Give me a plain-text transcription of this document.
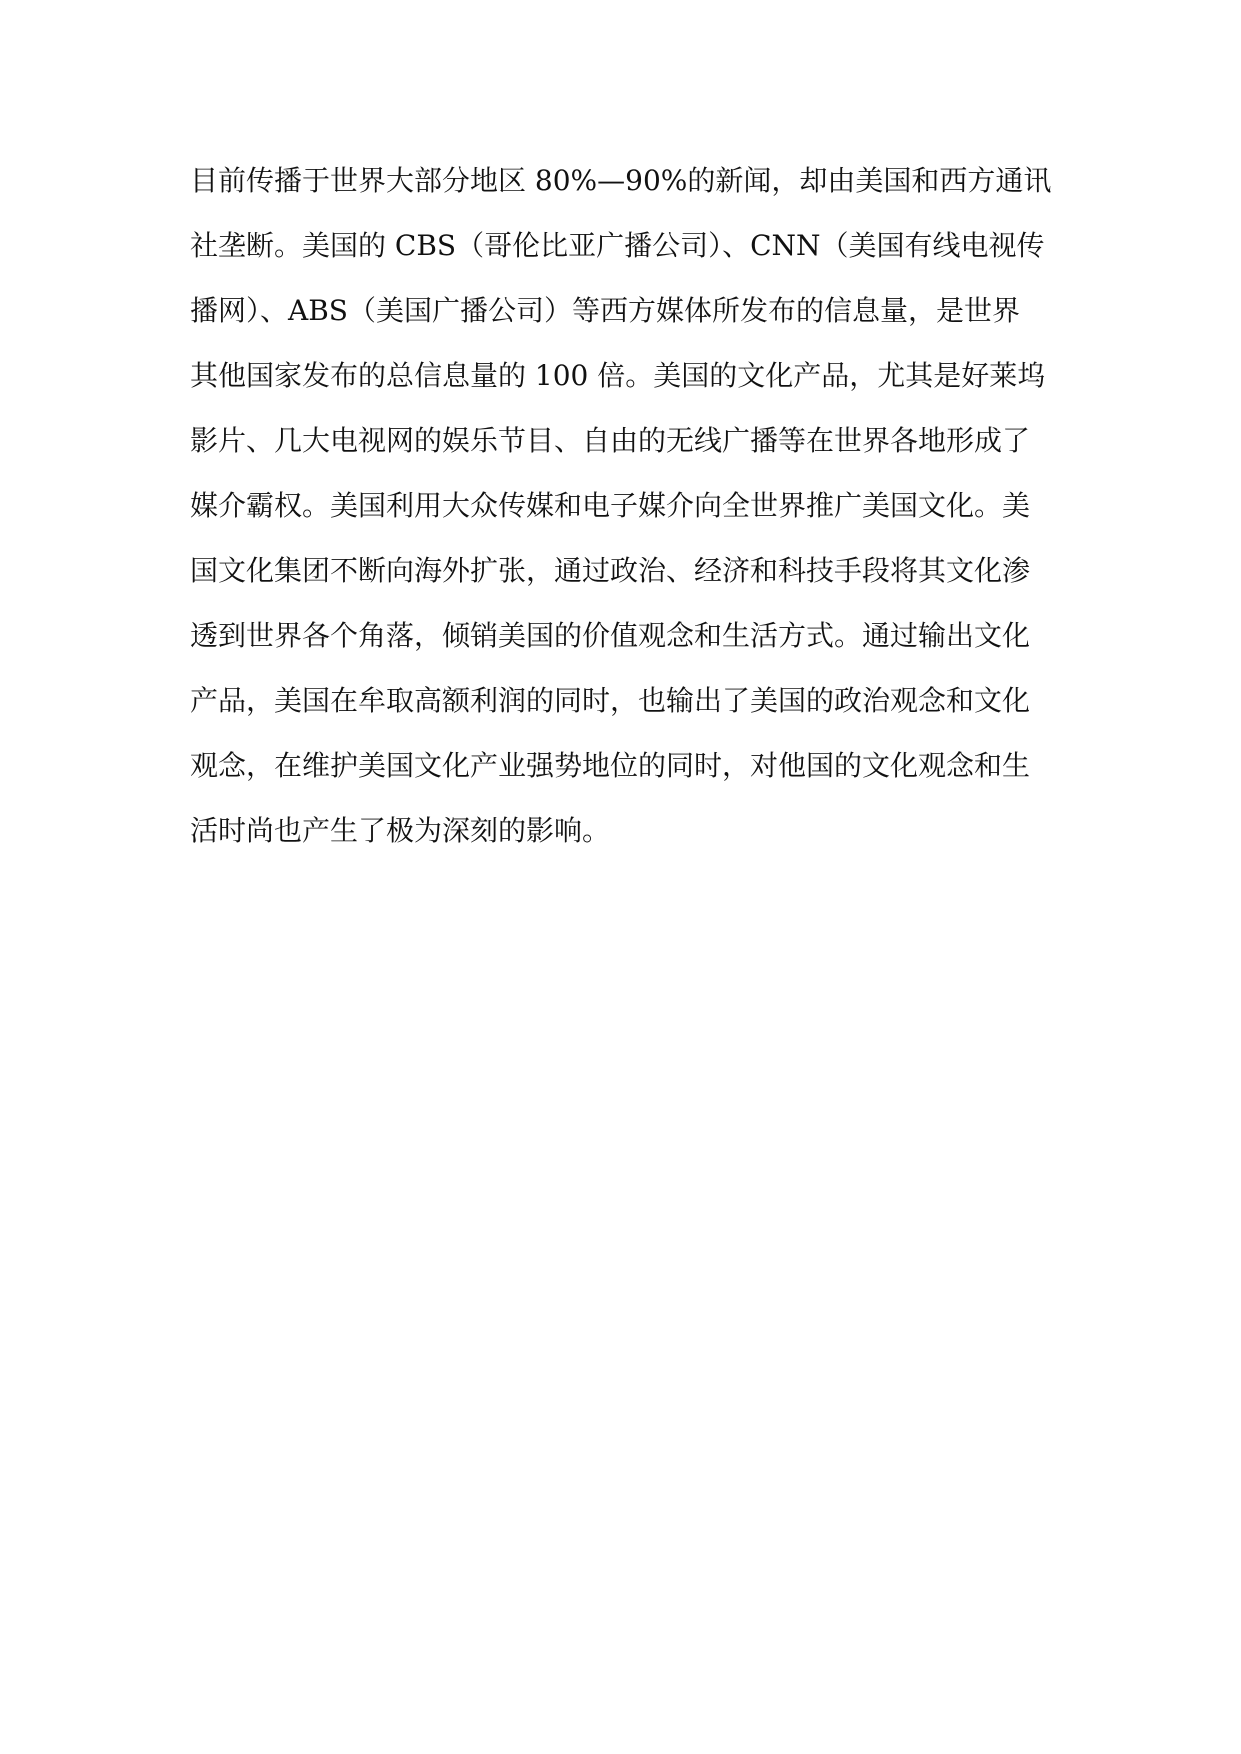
目前传播于世界大部分地区 80%—90%的新闻，却由美国和西方通讯
社垄断。美国的 CBS（哥伦比亚广播公司）、CNN（美国有线电视传
播网）、ABS（美国广播公司）等西方媒体所发布的信息量，是世界
其他国家发布的总信息量的 100 倍。美国的文化产品，尤其是好莱坞
影片、几大电视网的娱乐节目、自由的无线广播等在世界各地形成了
媒介霸权。美国利用大众传媒和电子媒介向全世界推广美国文化。美
国文化集团不断向海外扩张，通过政治、经济和科技手段将其文化渗
透到世界各个角落，倾销美国的价值观念和生活方式。通过输出文化
产品，美国在牟取高额利润的同时，也输出了美国的政治观念和文化
观念，在维护美国文化产业强势地位的同时，对他国的文化观念和生
活时尚也产生了极为深刻的影响。
